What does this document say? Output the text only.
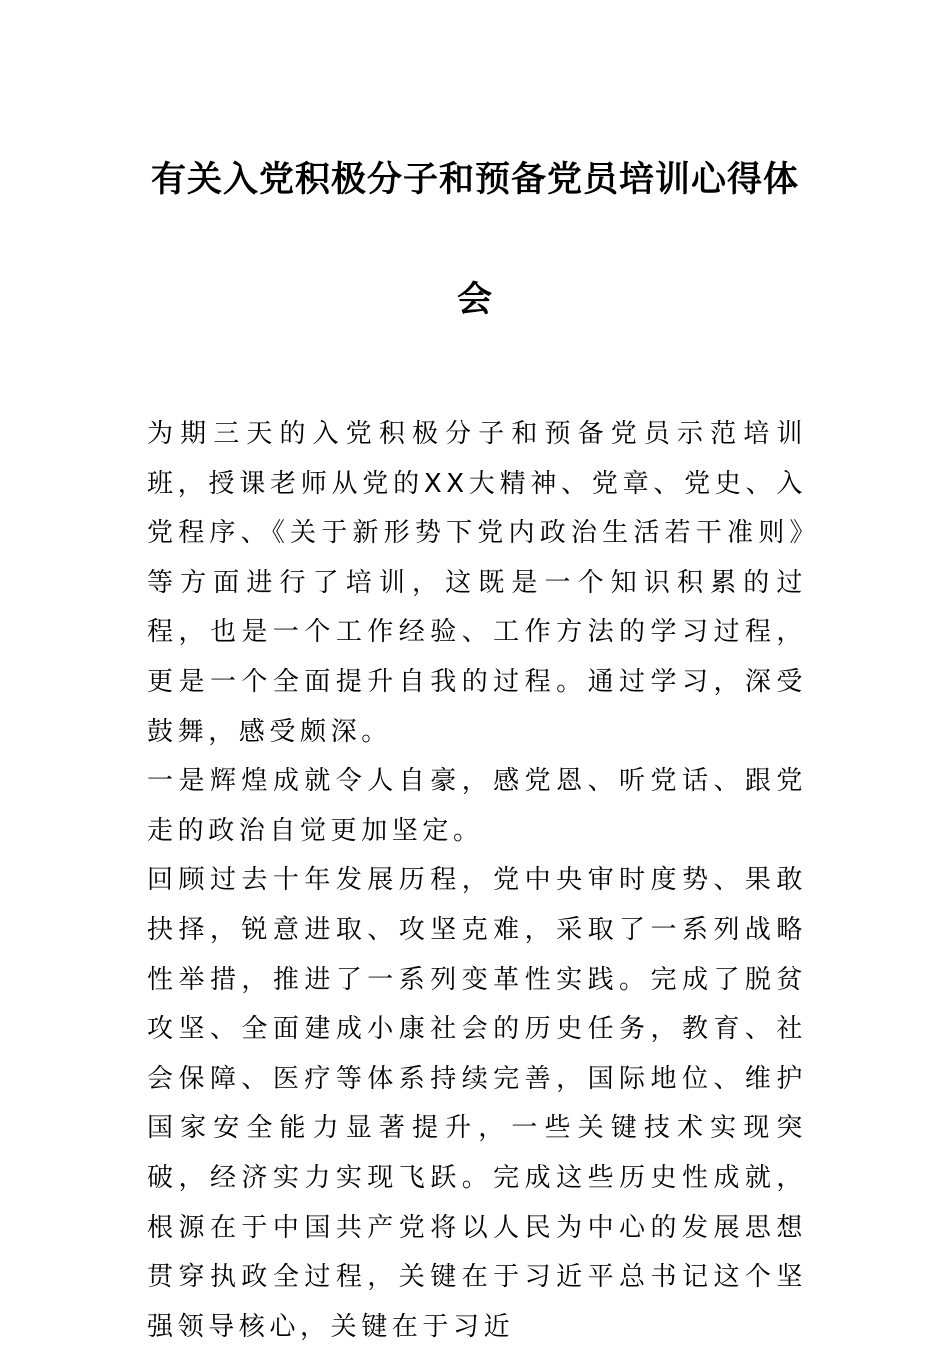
有关入党积极分子和预备党员培训心得体
会

为期三天的入党积极分子和预备党员示范培训班，授课老师从党的XX大精神、党章、党史、入党程序、《关于新形势下党内政治生活若干准则》等方面进行了培训，这既是一个知识积累的过程，也是一个工作经验、工作方法的学习过程，更是一个全面提升自我的过程。通过学习，深受鼓舞，感受颇深。

一是辉煌成就令人自豪，感党恩、听党话、跟党走的政治自觉更加坚定。

回顾过去十年发展历程，党中央审时度势、果敢抉择，锐意进取、攻坚克难，采取了一系列战略性举措，推进了一系列变革性实践。完成了脱贫攻坚、全面建成小康社会的历史任务，教育、社会保障、医疗等体系持续完善，国际地位、维护国家安全能力显著提升，一些关键技术实现突破，经济实力实现飞跃。完成这些历史性成就，根源在于中国共产党将以人民为中心的发展思想贯穿执政全过程，关键在于习近平总书记这个坚强领导核心，关键在于习近
